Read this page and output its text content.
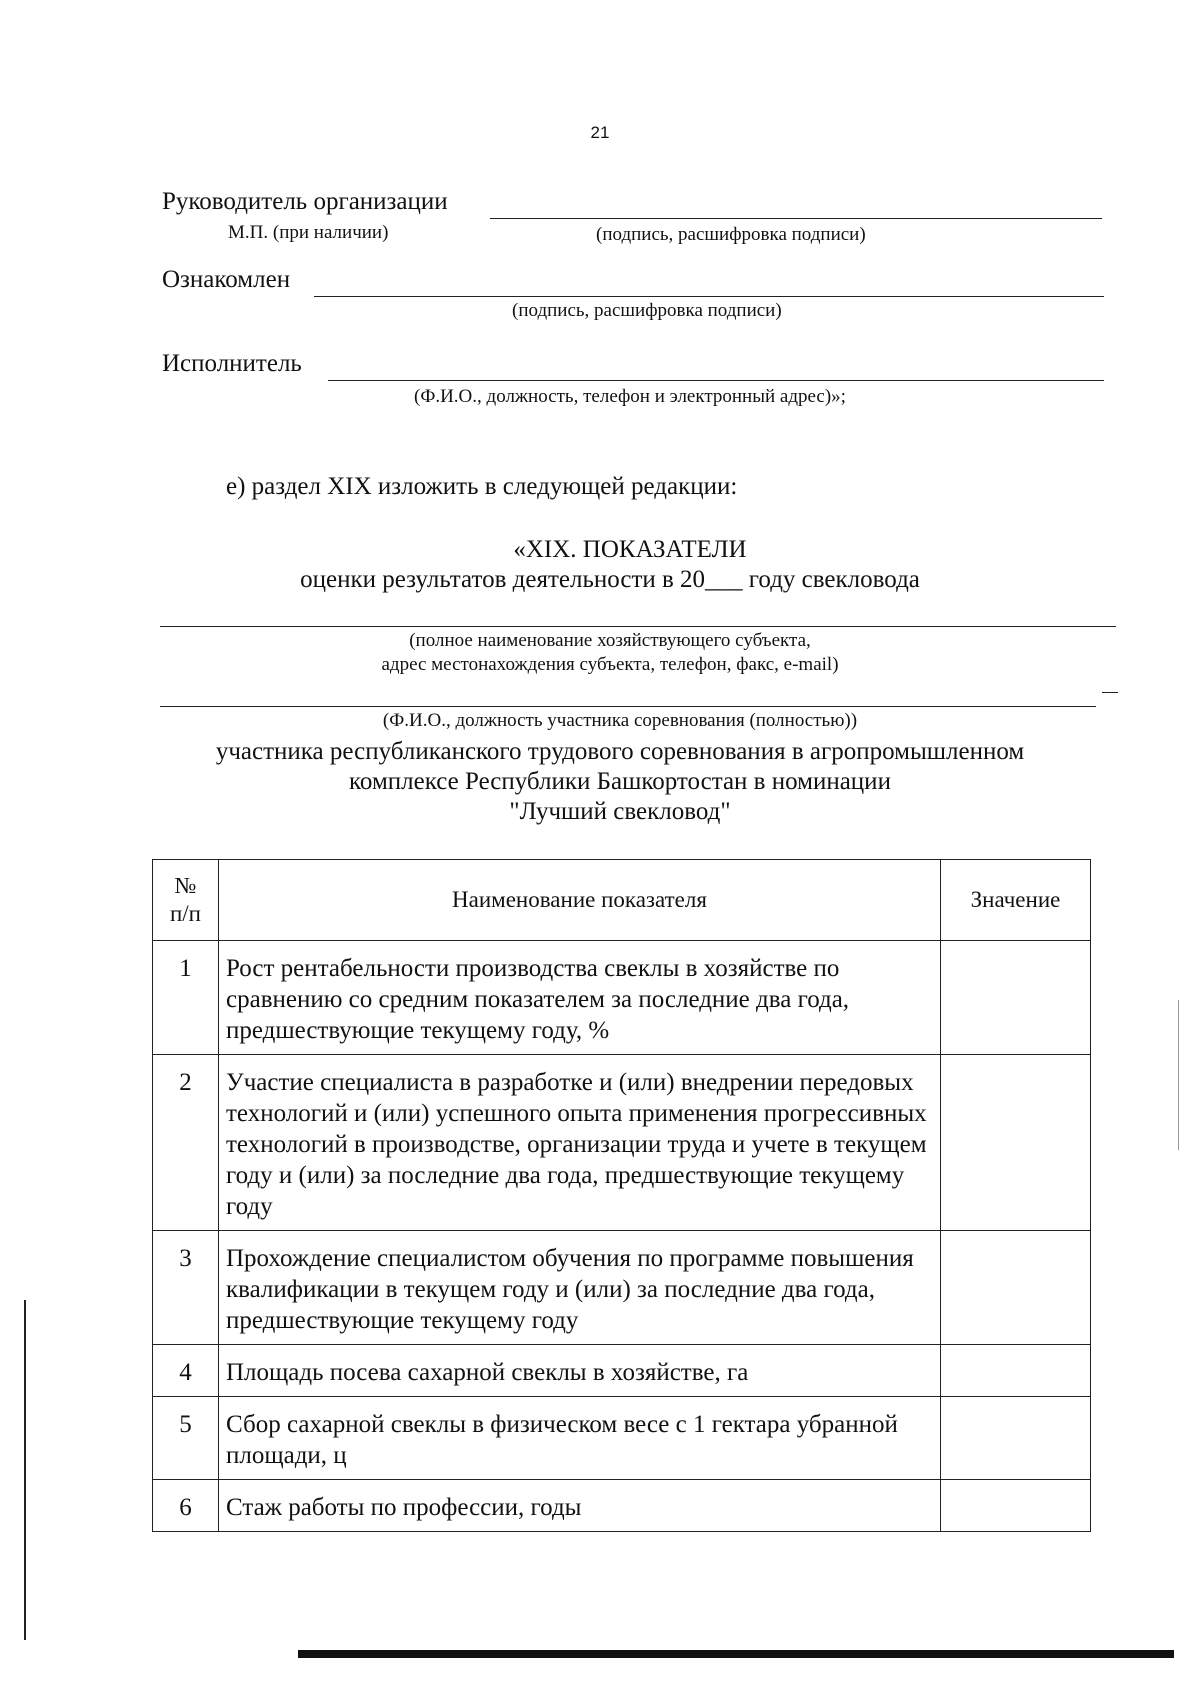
21
Руководитель организации
М.П. (при наличии)	(подпись, расшифровка подписи)
Ознакомлен
(подпись, расшифровка подписи)
Исполнитель
(Ф.И.О., должность, телефон и электронный адрес)»;
е) раздел XIX изложить в следующей редакции:
«XIX. ПОКАЗАТЕЛИ
оценки результатов деятельности в 20___ году свекловода
(полное наименование хозяйствующего субъекта,
адрес местонахождения субъекта, телефон, факс, e-mail)
(Ф.И.О., должность участника соревнования (полностью))
участника республиканского трудового соревнования в агропромышленном
комплексе Республики Башкортостан в номинации
"Лучший свекловод"
№
п/п	Наименование показателя	Значение
1	Рост рентабельности производства свеклы в хозяйстве по сравнению со средним показателем за последние два года, предшествующие текущему году, %	
2	Участие специалиста в разработке и (или) внедрении передовых технологий и (или) успешного опыта применения прогрессивных технологий в производстве, организации труда и учете в текущем году и (или) за последние два года, предшествующие текущему году	
3	Прохождение специалистом обучения по программе повышения квалификации в текущем году и (или) за последние два года, предшествующие текущему году	
4	Площадь посева сахарной свеклы в хозяйстве, га	
5	Сбор сахарной свеклы в физическом весе с 1 гектара убранной площади, ц	
6	Стаж работы по профессии, годы	
